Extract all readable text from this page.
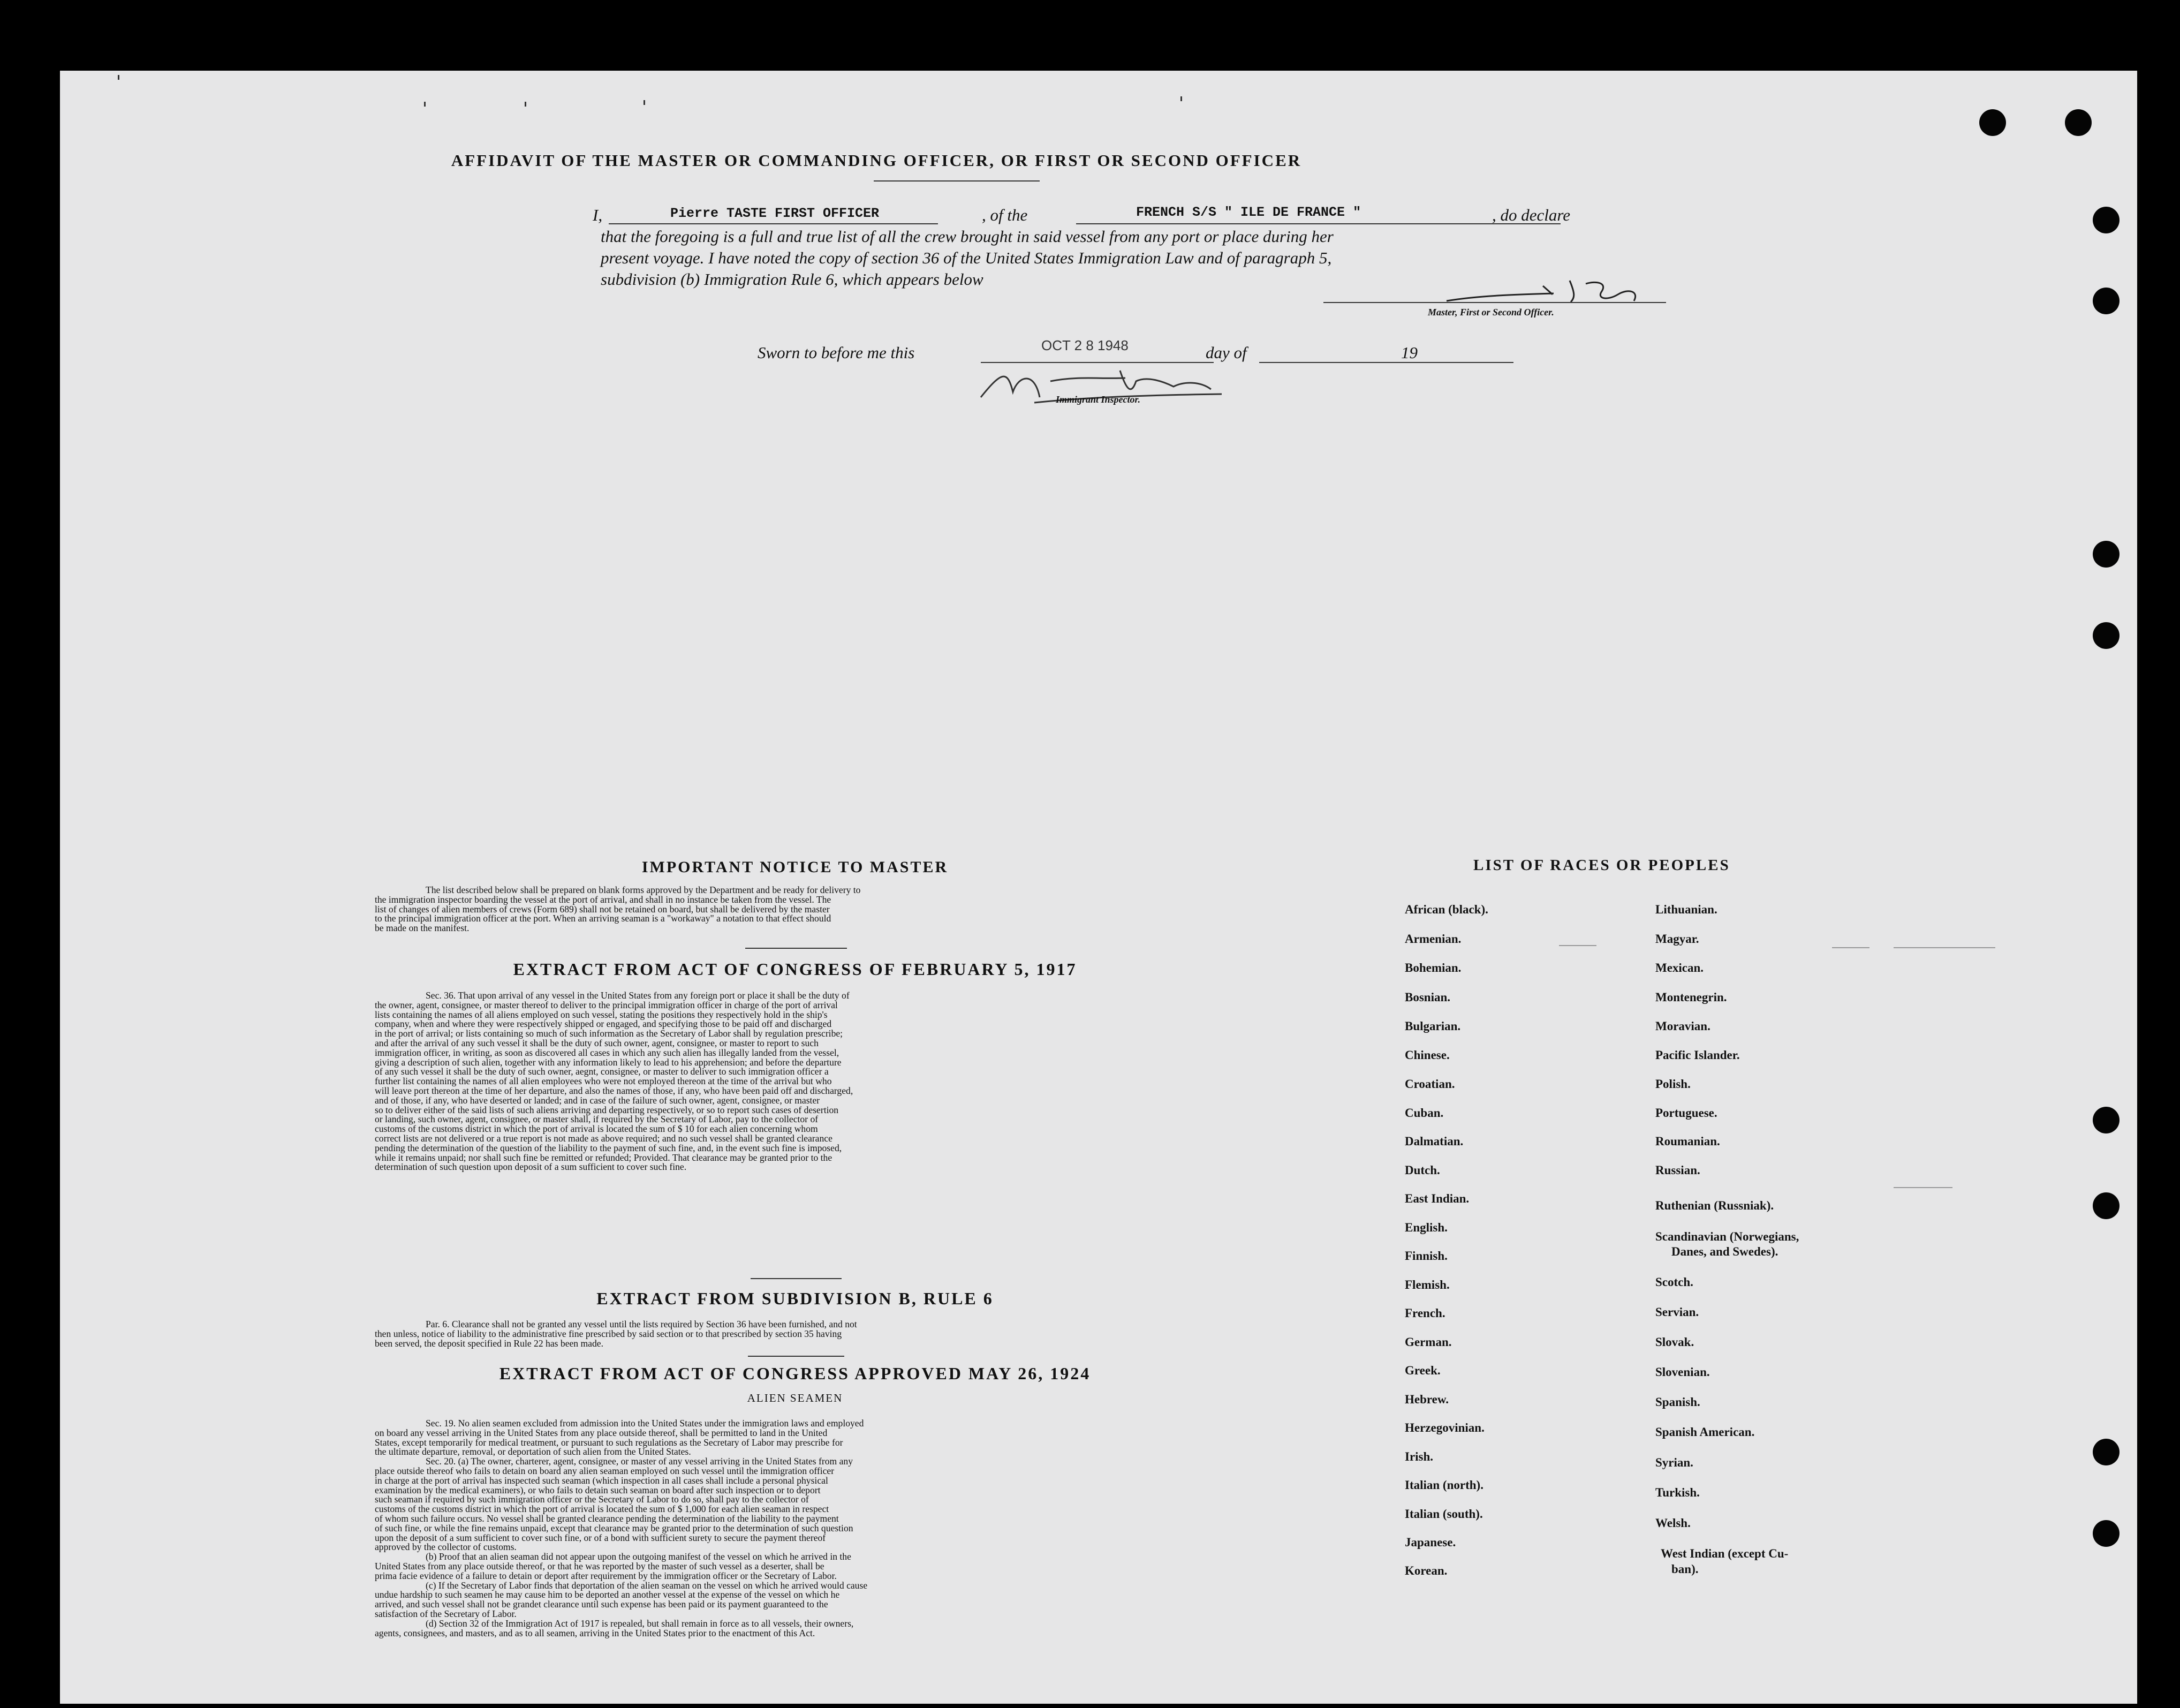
AFFIDAVIT OF THE MASTER OR COMMANDING OFFICER, OR FIRST OR SECOND OFFICER
I,	Pierre TASTE FIRST OFFICER	, of the	FRENCH S/S " ILE DE FRANCE "	, do declare
that the foregoing is a full and true list of all the crew brought in said vessel from any port or place during her
present voyage. I have noted the copy of section 36 of the United States Immigration Law and of paragraph 5,
subdivision (b) Immigration Rule 6, which appears below
Master, First or Second Officer.
Sworn to before me this	OCT 2 8 1948	day of	19
Immigrant Inspector.
IMPORTANT NOTICE TO MASTER

The list described below shall be prepared on blank forms approved by the Department and be ready for delivery to

the immigration inspector boarding the vessel at the port of arrival, and shall in no instance be taken from the vessel. The

list of changes of alien members of crews (Form 689) shall not be retained on board, but shall be delivered by the master

to the principal immigration officer at the port. When an arriving seaman is a "workaway" a notation to that effect should

be made on the manifest.

EXTRACT FROM ACT OF CONGRESS OF FEBRUARY 5, 1917

Sec. 36. That upon arrival of any vessel in the United States from any foreign port or place it shall be the duty of

the owner, agent, consignee, or master thereof to deliver to the principal immigration officer in charge of the port of arrival

lists containing the names of all aliens employed on such vessel, stating the positions they respectively hold in the ship's

company, when and where they were respectively shipped or engaged, and specifying those to be paid off and discharged

in the port of arrival; or lists containing so much of such information as the Secretary of Labor shall by regulation prescribe;

and after the arrival of any such vessel it shall be the duty of such owner, agent, consignee, or master to report to such

immigration officer, in writing, as soon as discovered all cases in which any such alien has illegally landed from the vessel,

giving a description of such alien, together with any information likely to lead to his apprehension; and before the departure

of any such vessel it shall be the duty of such owner, aegnt, consignee, or master to deliver to such immigration officer a

further list containing the names of all alien employees who were not employed thereon at the time of the arrival but who

will leave port thereon at the time of her departure, and also the names of those, if any, who have been paid off and discharged,

and of those, if any, who have deserted or landed; and in case of the failure of such owner, agent, consignee, or master

so to deliver either of the said lists of such aliens arriving and departing respectively, or so to report such cases of desertion

or landing, such owner, agent, consignee, or master shall, if required by the Secretary of Labor, pay to the collector of

customs of the customs district in which the port of arrival is located the sum of $ 10 for each alien concerning whom

correct lists are not delivered or a true report is not made as above required; and no such vessel shall be granted clearance

pending the determination of the question of the liability to the payment of such fine, and, in the event such fine is imposed,

while it remains unpaid; nor shall such fine be remitted or refunded; Provided. That clearance may be granted prior to the

determination of such question upon deposit of a sum sufficient to cover such fine.

EXTRACT FROM SUBDIVISION B, RULE 6

Par. 6. Clearance shall not be granted any vessel until the lists required by Section 36 have been furnished, and not

then unless, notice of liability to the administrative fine prescribed by said section or to that prescribed by section 35 having

been served, the deposit specified in Rule 22 has been made.

EXTRACT FROM ACT OF CONGRESS APPROVED MAY 26, 1924
ALIEN SEAMEN

Sec. 19. No alien seamen excluded from admission into the United States under the immigration laws and employed

on board any vessel arriving in the United States from any place outside thereof, shall be permitted to land in the United

States, except temporarily for medical treatment, or pursuant to such regulations as the Secretary of Labor may prescribe for

the ultimate departure, removal, or deportation of such alien from the United States.

Sec. 20. (a) The owner, charterer, agent, consignee, or master of any vessel arriving in the United States from any

place outside thereof who fails to detain on board any alien seaman employed on such vessel until the immigration officer

in charge at the port of arrival has inspected such seaman (which inspection in all cases shall include a personal physical

examination by the medical examiners), or who fails to detain such seaman on board after such inspection or to deport

such seaman if required by such immigration officer or the Secretary of Labor to do so, shall pay to the collector of

customs of the customs district in which the port of arrival is located the sum of $ 1,000 for each alien seaman in respect

of whom such failure occurs. No vessel shall be granted clearance pending the determination of the liability to the payment

of such fine, or while the fine remains unpaid, except that clearance may be granted prior to the determination of such question

upon the deposit of a sum sufficient to cover such fine, or of a bond with sufficient surety to secure the payment thereof

approved by the collector of customs.

(b) Proof that an alien seaman did not appear upon the outgoing manifest of the vessel on which he arrived in the

United States from any place outside thereof, or that he was reported by the master of such vessel as a deserter, shall be

prima facie evidence of a failure to detain or deport after requirement by the immigration officer or the Secretary of Labor.

(c) If the Secretary of Labor finds that deportation of the alien seaman on the vessel on which he arrived would cause

undue hardship to such seamen he may cause him to be deported an another vessel at the expense of the vessel on which he

arrived, and such vessel shall not be grandet clearance until such expense has been paid or its payment guaranteed to the

satisfaction of the Secretary of Labor.

(d) Section 32 of the Immigration Act of 1917 is repealed, but shall remain in force as to all vessels, their owners,

agents, consignees, and masters, and as to all seamen, arriving in the United States prior to the enactment of this Act.

LIST OF RACES OR PEOPLES
African (black).
Armenian.
Bohemian.
Bosnian.
Bulgarian.
Chinese.
Croatian.
Cuban.
Dalmatian.
Dutch.
East Indian.
English.
Finnish.
Flemish.
French.
German.
Greek.
Hebrew.
Herzegovinian.
Irish.
Italian (north).
Italian (south).
Japanese.
Korean.
Lithuanian.
Magyar.
Mexican.
Montenegrin.
Moravian.
Pacific Islander.
Polish.
Portuguese.
Roumanian.
Russian.
Ruthenian (Russniak).
Scandinavian (Norwegians,
Danes, and Swedes).
Scotch.
Servian.
Slovak.
Slovenian.
Spanish.
Spanish American.
Syrian.
Turkish.
Welsh.
West Indian (except Cu-
ban).
